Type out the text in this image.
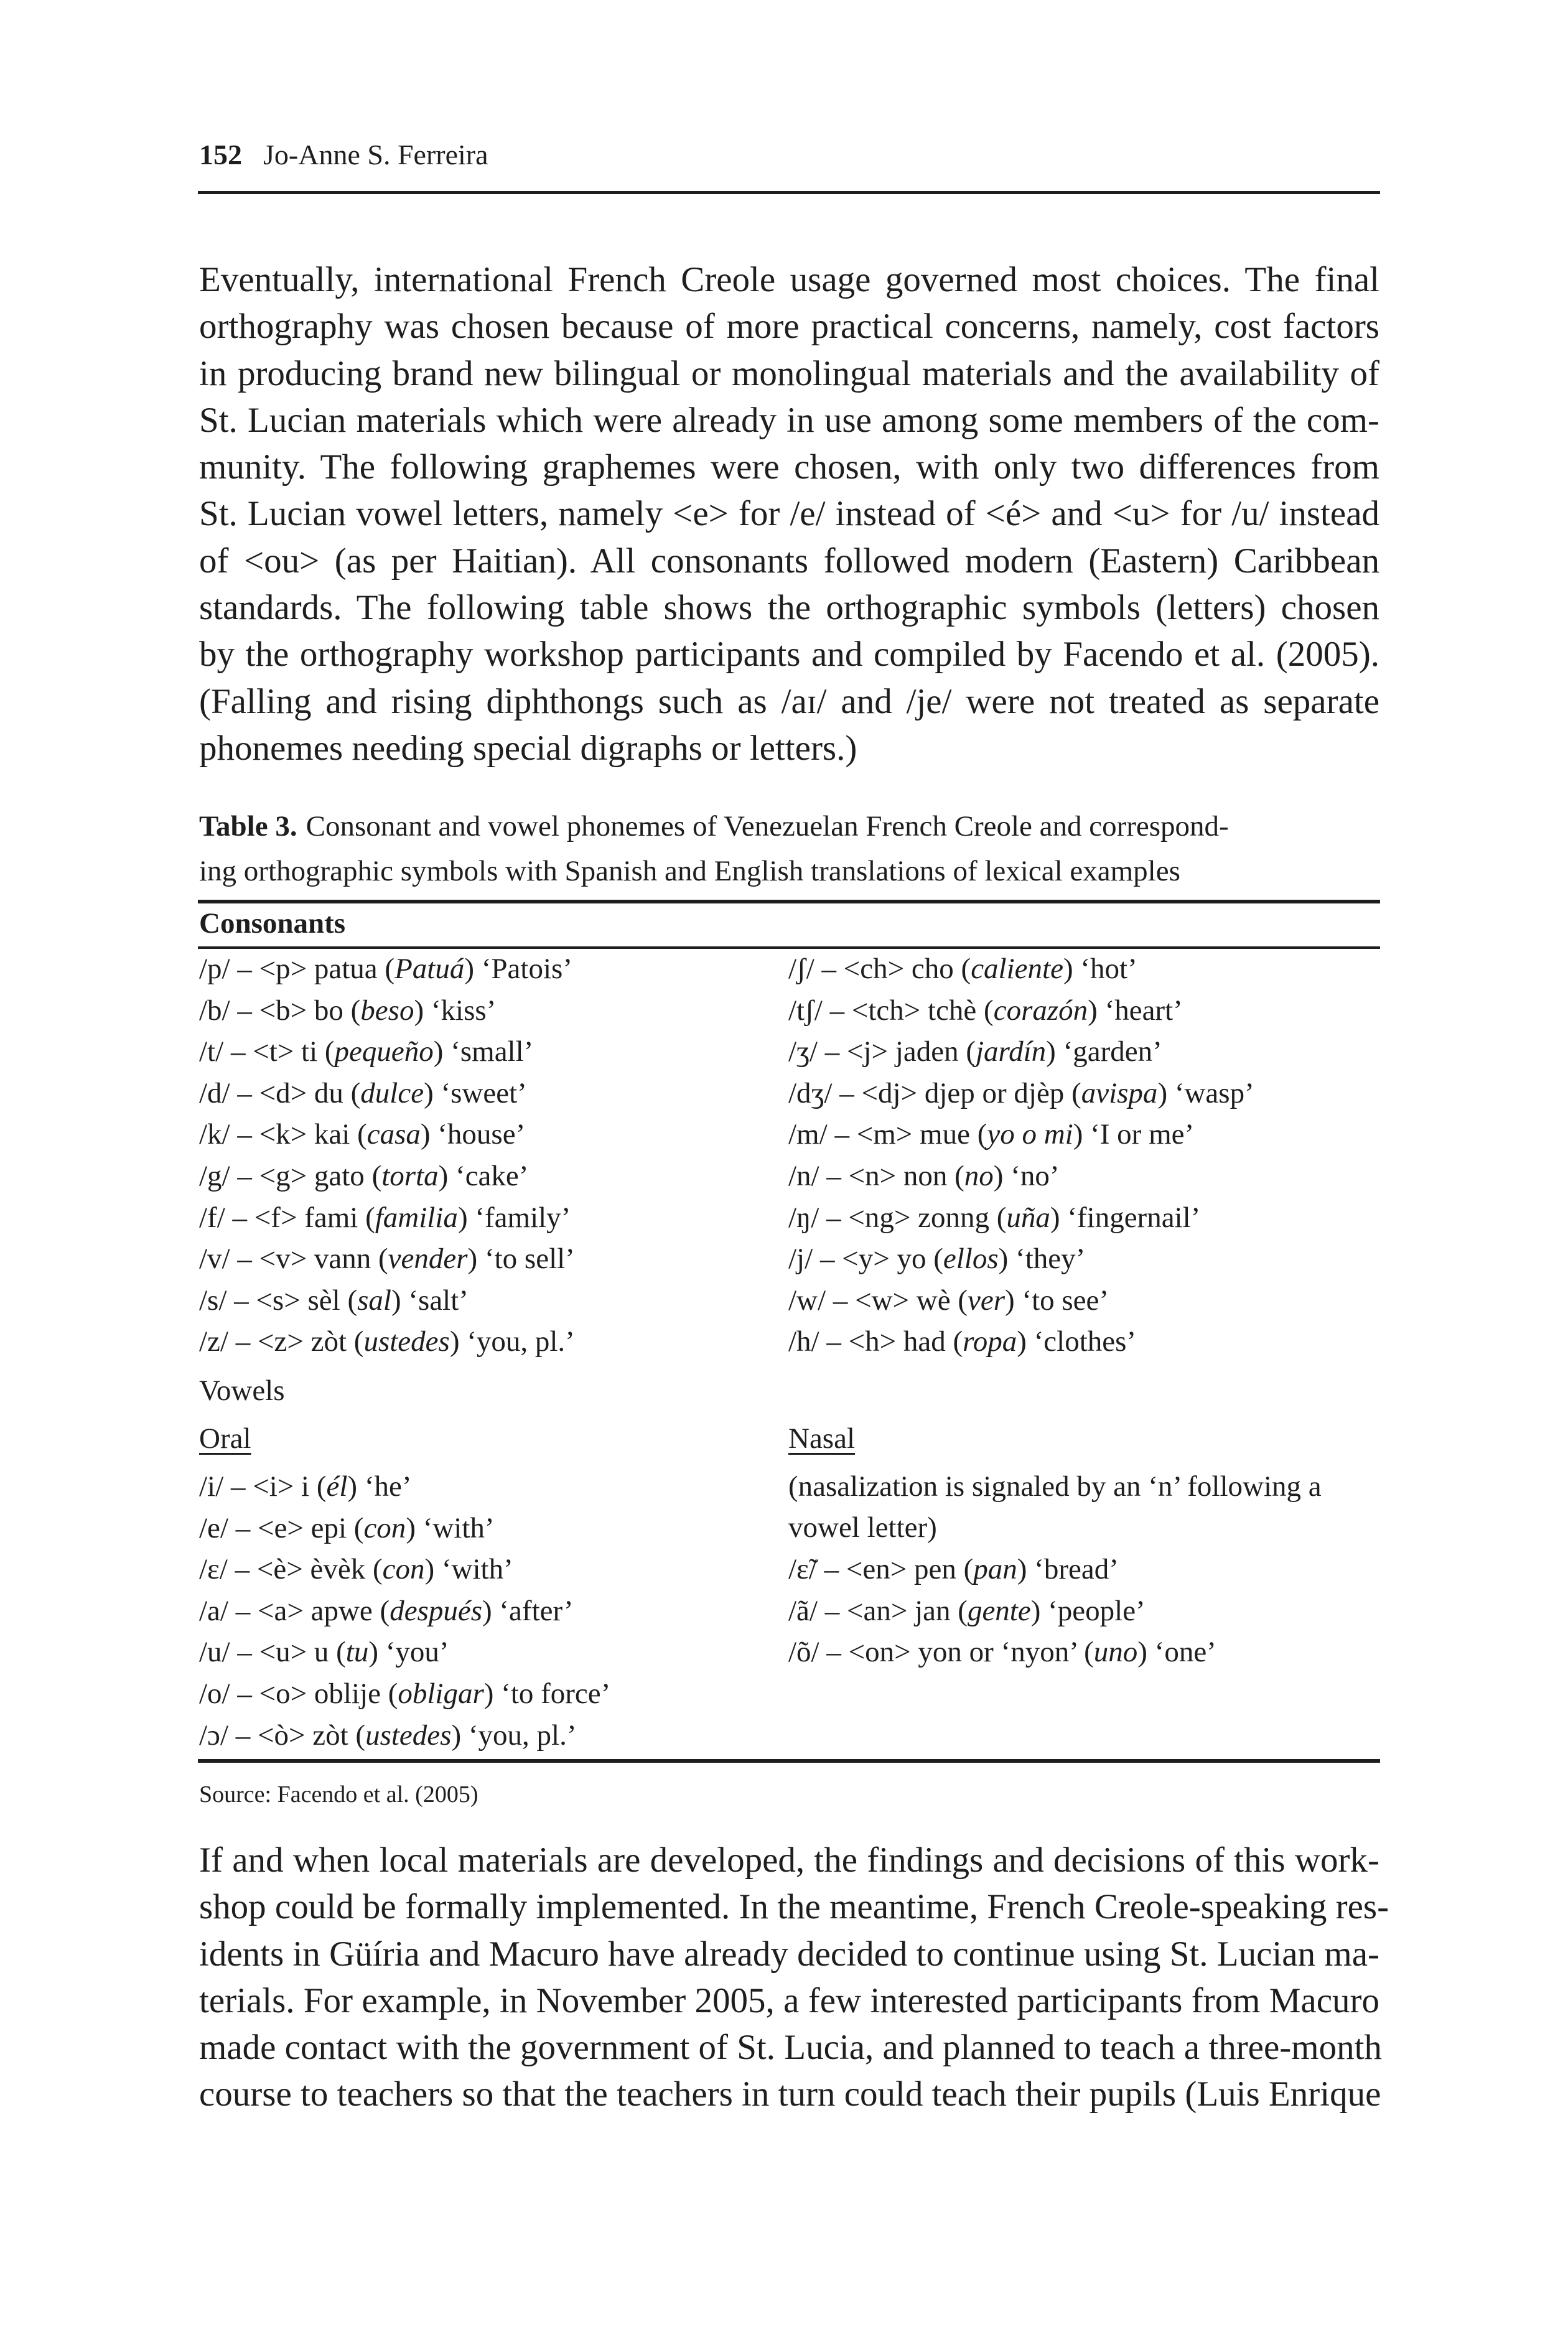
152 Jo-Anne S. Ferreira
Eventually, international French Creole usage governed most choices. The final
orthography was chosen because of more practical concerns, namely, cost factors
in producing brand new bilingual or monolingual materials and the availability of
St. Lucian materials which were already in use among some members of the com-
munity. The following graphemes were chosen, with only two differences from
St. Lucian vowel letters, namely <e> for /e/ instead of <é> and <u> for /u/ instead
of <ou> (as per Haitian). All consonants followed modern (Eastern) Caribbean
standards. The following table shows the orthographic symbols (letters) chosen
by the orthography workshop participants and compiled by Facendo et al. (2005).
(Falling and rising diphthongs such as /aɪ/ and /je/ were not treated as separate
phonemes needing special digraphs or letters.)
Table 3. Consonant and vowel phonemes of Venezuelan French Creole and correspond-
ing orthographic symbols with Spanish and English translations of lexical examples
Consonants
/p/ – <p> patua (Patuá) ‘Patois’
/b/ – <b> bo (beso) ‘kiss’
/t/ – <t> ti (pequeño) ‘small’
/d/ – <d> du (dulce) ‘sweet’
/k/ – <k> kai (casa) ‘house’
/g/ – <g> gato (torta) ‘cake’
/f/ – <f> fami (familia) ‘family’
/v/ – <v> vann (vender) ‘to sell’
/s/ – <s> sèl (sal) ‘salt’
/z/ – <z> zòt (ustedes) ‘you, pl.’
/ʃ/ – <ch> cho (caliente) ‘hot’
/tʃ/ – <tch> tchè (corazón) ‘heart’
/ʒ/ – <j> jaden (jardín) ‘garden’
/dʒ/ – <dj> djep or djèp (avispa) ‘wasp’
/m/ – <m> mue (yo o mi) ‘I or me’
/n/ – <n> non (no) ‘no’
/ŋ/ – <ng> zonng (uña) ‘fingernail’
/j/ – <y> yo (ellos) ‘they’
/w/ – <w> wè (ver) ‘to see’
/h/ – <h> had (ropa) ‘clothes’
Vowels
Oral	Nasal
/i/ – <i> i (él) ‘he’
/e/ – <e> epi (con) ‘with’
/ɛ/ – <è> èvèk (con) ‘with’
/a/ – <a> apwe (después) ‘after’
/u/ – <u> u (tu) ‘you’
/o/ – <o> oblije (obligar) ‘to force’
/ɔ/ – <ò> zòt (ustedes) ‘you, pl.’
(nasalization is signaled by an ‘n’ following a
vowel letter)
/ɛ̃/ – <en> pen (pan) ‘bread’
/ã/ – <an> jan (gente) ‘people’
/õ/ – <on> yon or ‘nyon’ (uno) ‘one’
Source: Facendo et al. (2005)
If and when local materials are developed, the findings and decisions of this work-
shop could be formally implemented. In the meantime, French Creole-speaking res-
idents in Güíria and Macuro have already decided to continue using St. Lucian ma-
terials. For example, in November 2005, a few interested participants from Macuro
made contact with the government of St. Lucia, and planned to teach a three-month
course to teachers so that the teachers in turn could teach their pupils (Luis Enrique
